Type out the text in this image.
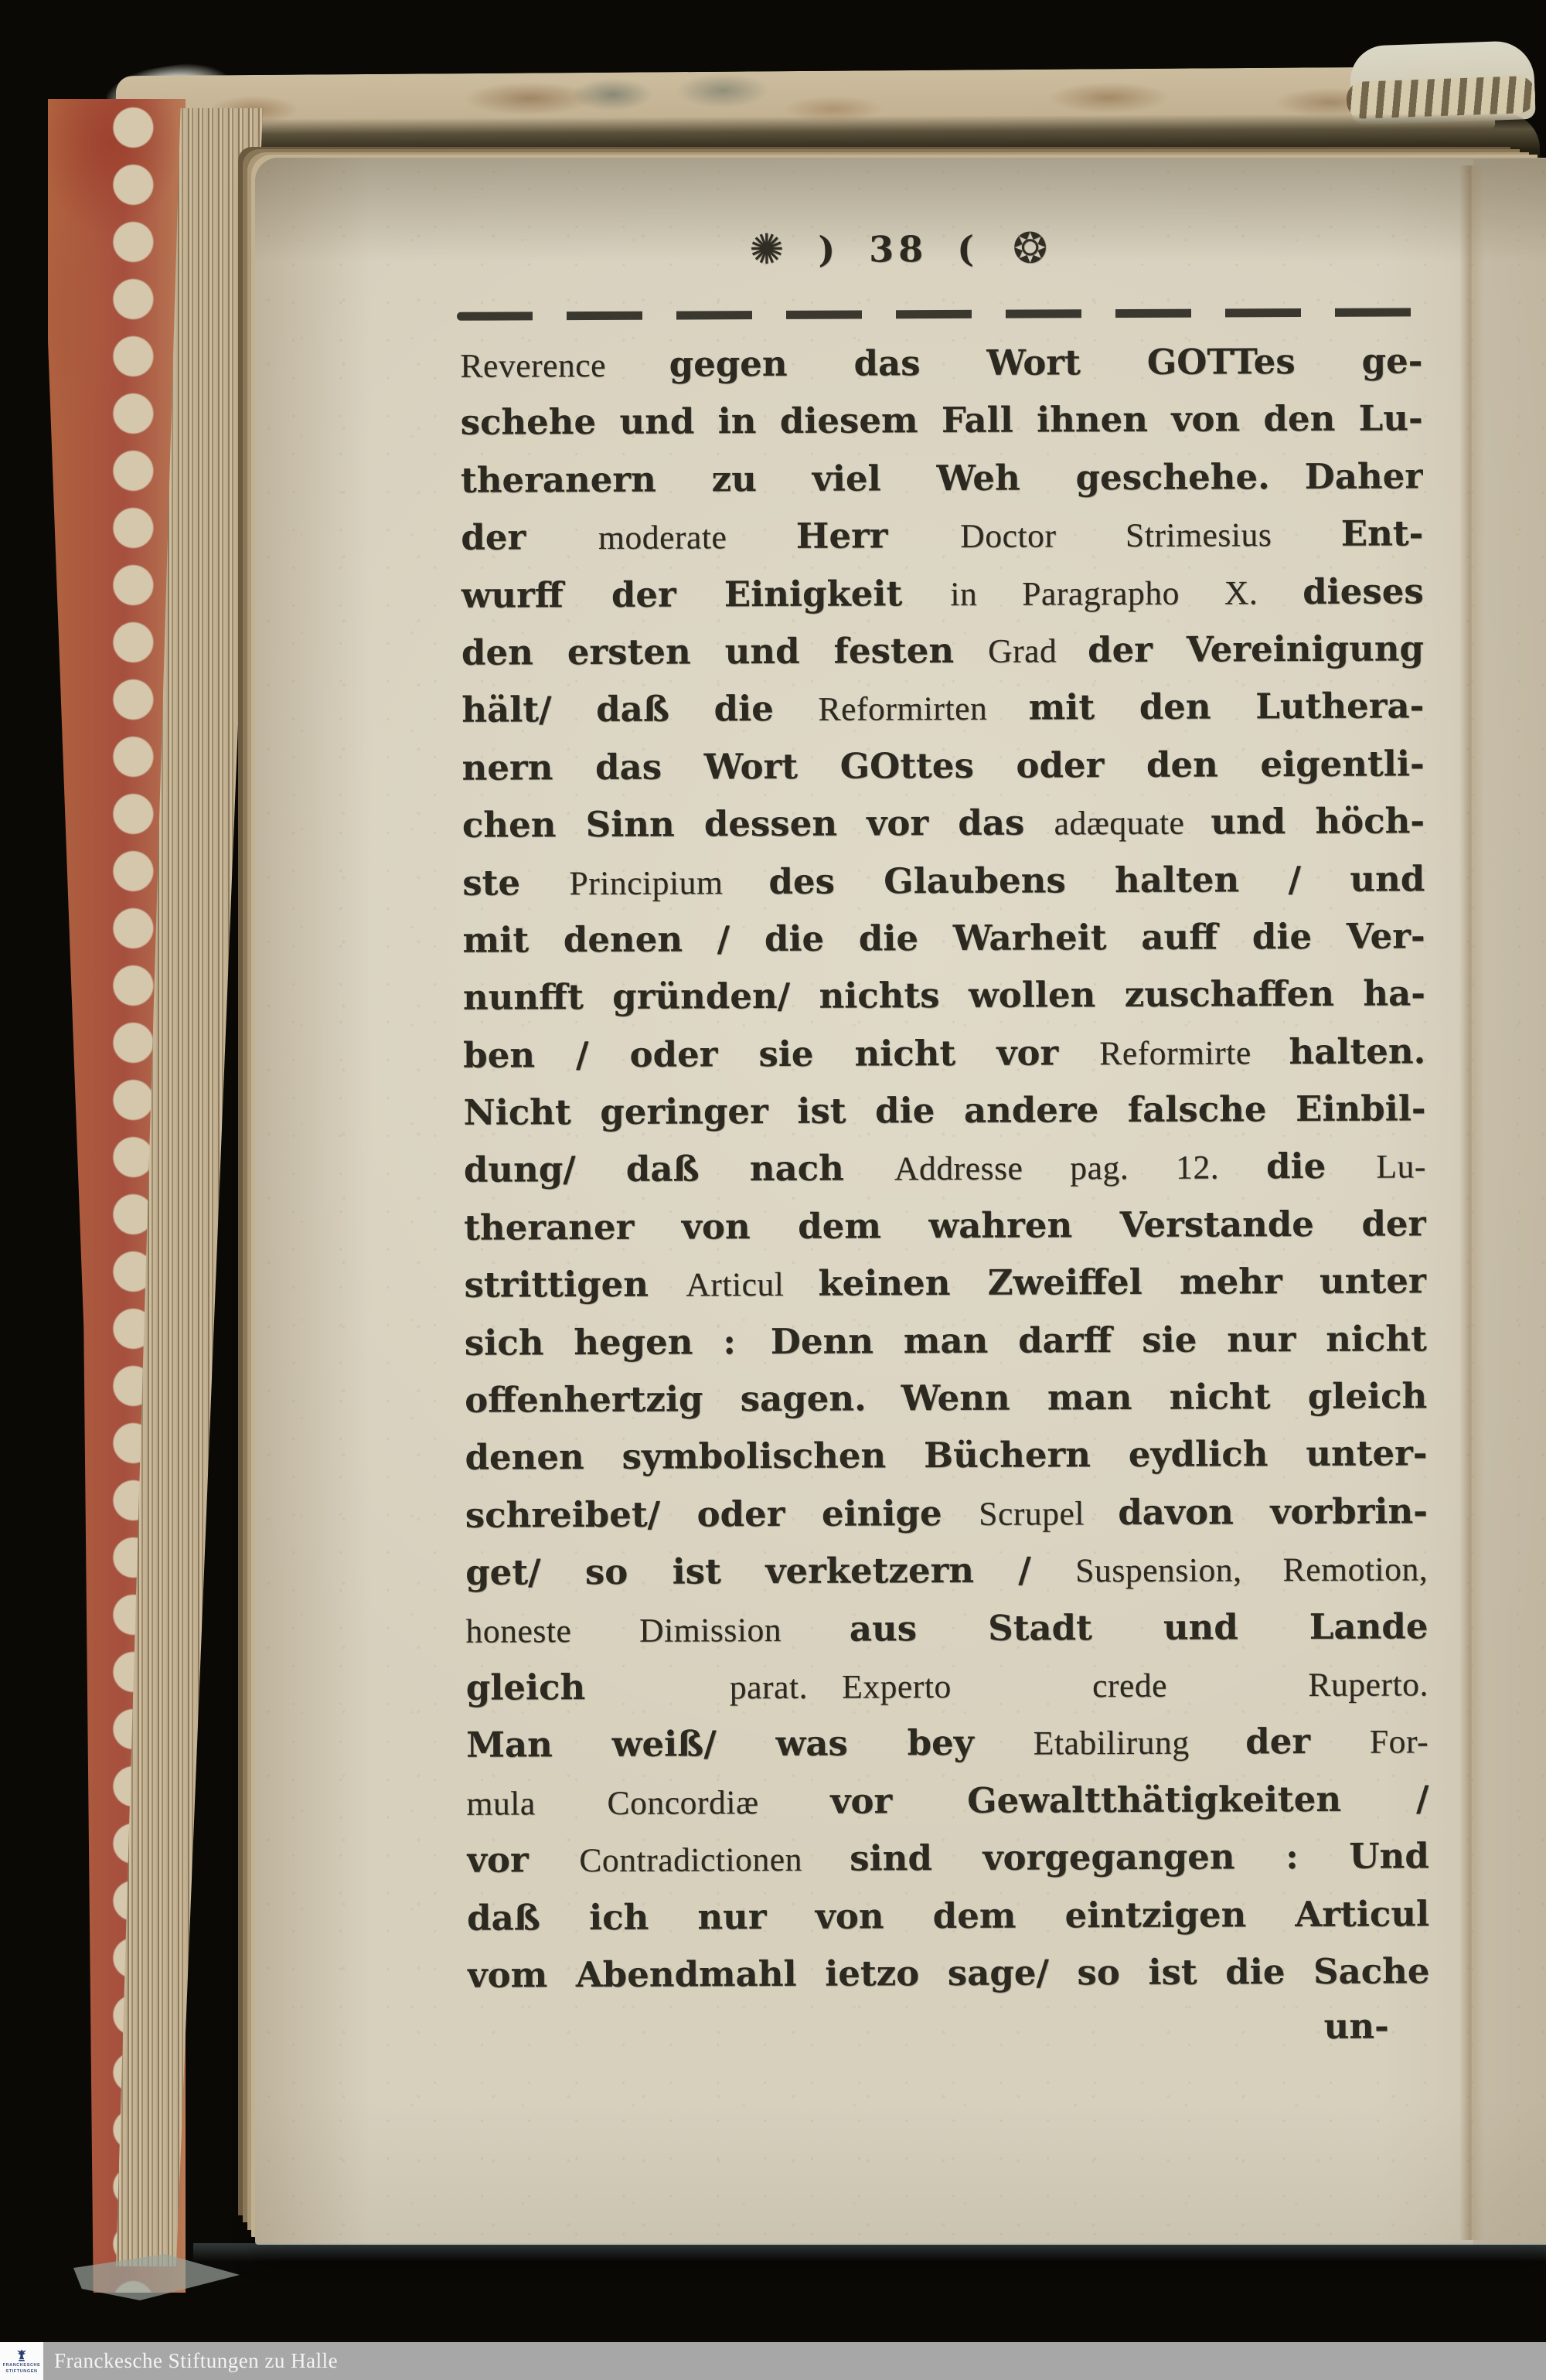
✺ ) 38 ( ❂
Reverence gegen das Wort GOTTes ge-
schehe und in diesem Fall ihnen von den Lu-
theranern zu viel Weh geschehe. Daher
der moderate Herr Doctor Strimesius Ent-
wurff der Einigkeit in Paragrapho X. dieses
den ersten und festen Grad der Vereinigung
hält/ daß die Reformirten mit den Luthera-
nern das Wort GOttes oder den eigentli-
chen Sinn dessen vor das adæquate und höch-
ste Principium des Glaubens halten / und
mit denen / die die Warheit auff die Ver-
nunfft gründen/ nichts wollen zuschaffen ha-
ben / oder sie nicht vor Reformirte halten.
Nicht geringer ist die andere falsche Einbil-
dung/ daß nach Addresse pag. 12. die Lu-
theraner von dem wahren Verstande der
strittigen Articul keinen Zweiffel mehr unter
sich hegen : Denn man darff sie nur nicht
offenhertzig sagen. Wenn man nicht gleich
denen symbolischen Büchern eydlich unter-
schreibet/ oder einige Scrupel davon vorbrin-
get/ so ist verketzern / Suspension, Remotion,
honeste Dimission aus Stadt und Lande
gleich parat. Experto crede Ruperto.
Man weiß/ was bey Etabilirung der For-
mula Concordiæ vor Gewaltthätigkeiten /
vor Contradictionen sind vorgegangen : Und
daß ich nur von dem eintzigen Articul
vom Abendmahl ietzo sage/ so ist die Sache
un-
FRANCKESCHE
STIFTUNGEN Franckesche Stiftungen zu Halle
